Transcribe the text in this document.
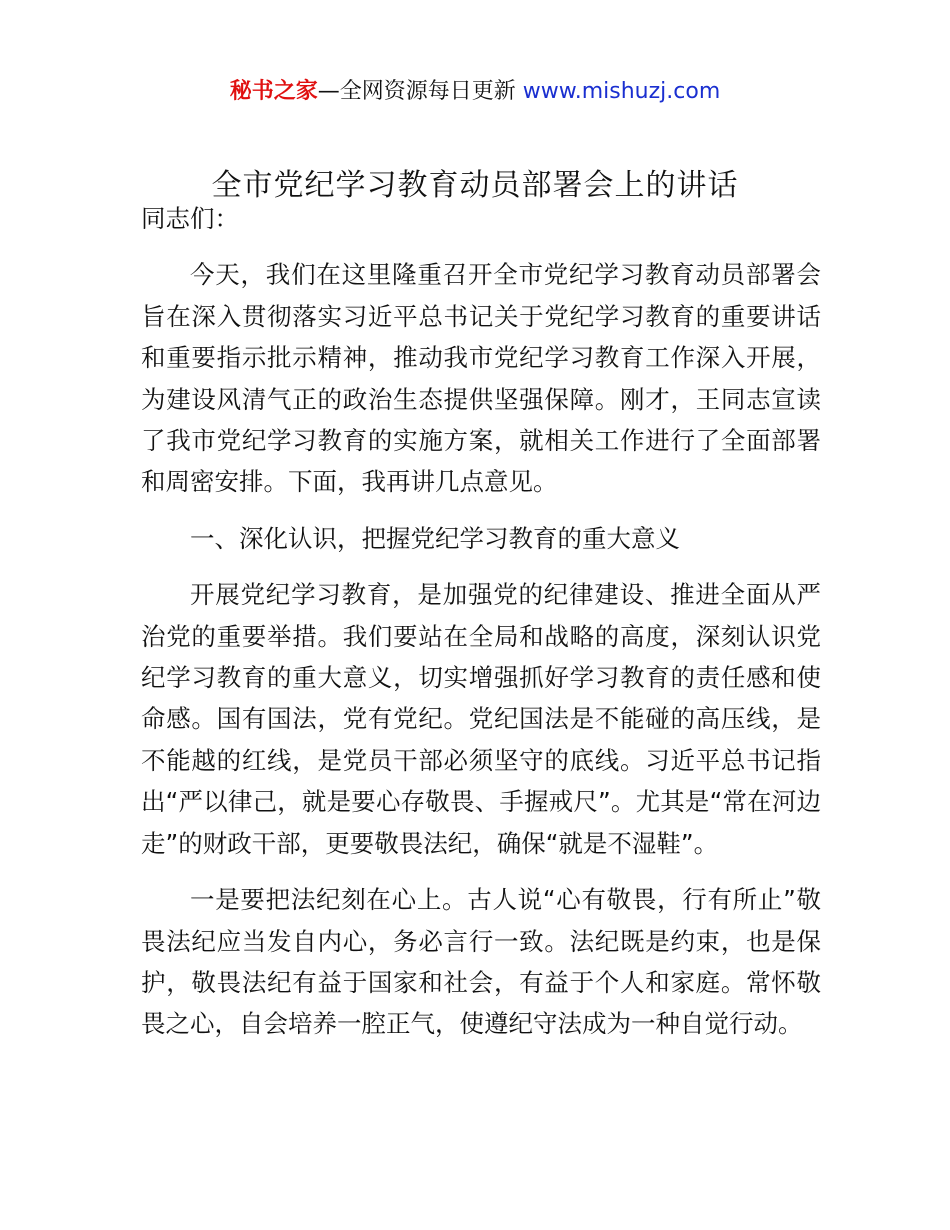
秘书之家—全网资源每日更新 www.mishuzj.com
全市党纪学习教育动员部署会上的讲话

同志们：

今天，我们在这里隆重召开全市党纪学习教育动员部署会旨在深入贯彻落实习近平总书记关于党纪学习教育的重要讲话和重要指示批示精神，推动我市党纪学习教育工作深入开展，为建设风清气正的政治生态提供坚强保障。刚才，王同志宣读了我市党纪学习教育的实施方案，就相关工作进行了全面部署和周密安排。下面，我再讲几点意见。

一、深化认识，把握党纪学习教育的重大意义

开展党纪学习教育，是加强党的纪律建设、推进全面从严治党的重要举措。我们要站在全局和战略的高度，深刻认识党纪学习教育的重大意义，切实增强抓好学习教育的责任感和使命感。国有国法，党有党纪。党纪国法是不能碰的高压线，是不能越的红线，是党员干部必须坚守的底线。习近平总书记指出“严以律己，就是要心存敬畏、手握戒尺”。尤其是“常在河边走”的财政干部，更要敬畏法纪，确保“就是不湿鞋”。

一是要把法纪刻在心上。古人说“心有敬畏，行有所止”敬畏法纪应当发自内心，务必言行一致。法纪既是约束，也是保护，敬畏法纪有益于国家和社会，有益于个人和家庭。常怀敬畏之心，自会培养一腔正气，使遵纪守法成为一种自觉行动。
